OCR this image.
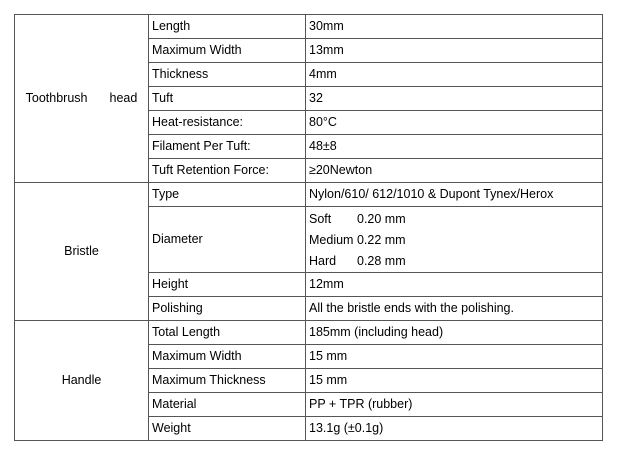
Toothbrush head	Length	30mm
	Maximum Width	13mm
	Thickness	4mm
	Tuft	32
	Heat-resistance:	80°C
	Filament Per Tuft:	48±8
	Tuft Retention Force:	≥20Newton
Bristle	Type	Nylon/610/ 612/1010 & Dupont Tynex/Herox
	Diameter	Soft 0.20 mm
Medium 0.22 mm
Hard 0.28 mm

	Height	12mm
	Polishing	All the bristle ends with the polishing.
Handle	Total Length	185mm (including head)
	Maximum Width	15 mm
	Maximum Thickness	15 mm
	Material	PP + TPR (rubber)
	Weight	13.1g (±0.1g)
